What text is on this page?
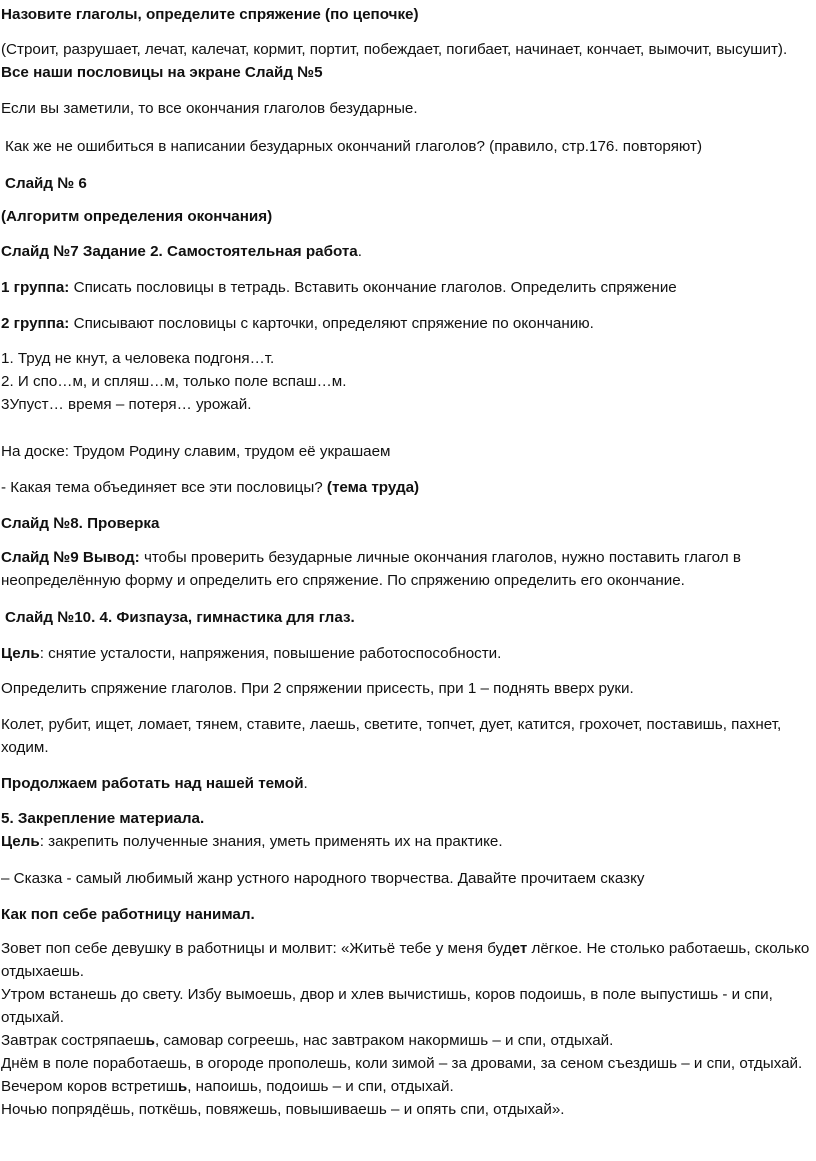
Назовите глаголы, определите спряжение (по цепочке)
(Строит, разрушает, лечат, калечат, кормит, портит, побеждает, погибает, начинает, кончает, вымочит, высушит). Все наши пословицы на экране Слайд №5
Если вы заметили, то все окончания глаголов безударные.
Как же не ошибиться в написании безударных окончаний глаголов? (правило, стр.176. повторяют)
Слайд № 6
(Алгоритм определения окончания)
Слайд №7 Задание 2. Самостоятельная работа.
1 группа: Списать пословицы в тетрадь. Вставить окончание глаголов. Определить спряжение
2 группа: Списывают пословицы с карточки, определяют спряжение по окончанию.
1. Труд не кнут, а человека подгоня…т.
2. И спо…м, и спляш…м, только поле вспаш…м.
3Упуст… время – потеря… урожай.
На доске: Трудом Родину славим, трудом её украшаем
- Какая тема объединяет все эти пословицы? (тема труда)
Слайд №8. Проверка
Слайд №9 Вывод: чтобы проверить безударные личные окончания глаголов, нужно поставить глагол в неопределённую форму и определить его спряжение. По спряжению определить его окончание.
Слайд №10. 4. Физпауза, гимнастика для глаз.
Цель: снятие усталости, напряжения, повышение работоспособности.
Определить спряжение глаголов. При 2 спряжении присесть, при 1 – поднять вверх руки.
Колет, рубит, ищет, ломает, тянем, ставите, лаешь, светите, топчет, дует, катится, грохочет, поставишь, пахнет, ходим.
Продолжаем работать над нашей темой.
5. Закрепление материала.
Цель: закрепить полученные знания, уметь применять их на практике.
– Сказка - самый любимый жанр устного народного творчества. Давайте прочитаем сказку
Как поп себе работницу нанимал.
Зовет поп себе девушку в работницы и молвит: «Житьё тебе у меня будет лёгкое. Не столько работаешь, сколько отдыхаешь.
Утром встанешь до свету. Избу вымоешь, двор и хлев вычистишь, коров подоишь, в поле выпустишь - и спи, отдыхай.
Завтрак состряпаешь, самовар согреешь, нас завтраком накормишь – и спи, отдыхай.
Днём в поле поработаешь, в огороде прополешь, коли зимой – за дровами, за сеном съездишь – и спи, отдыхай.
Вечером коров встретишь, напоишь, подоишь – и спи, отдыхай.
Ночью попрядёшь, поткёшь, повяжешь, повышиваешь – и опять спи, отдыхай».
